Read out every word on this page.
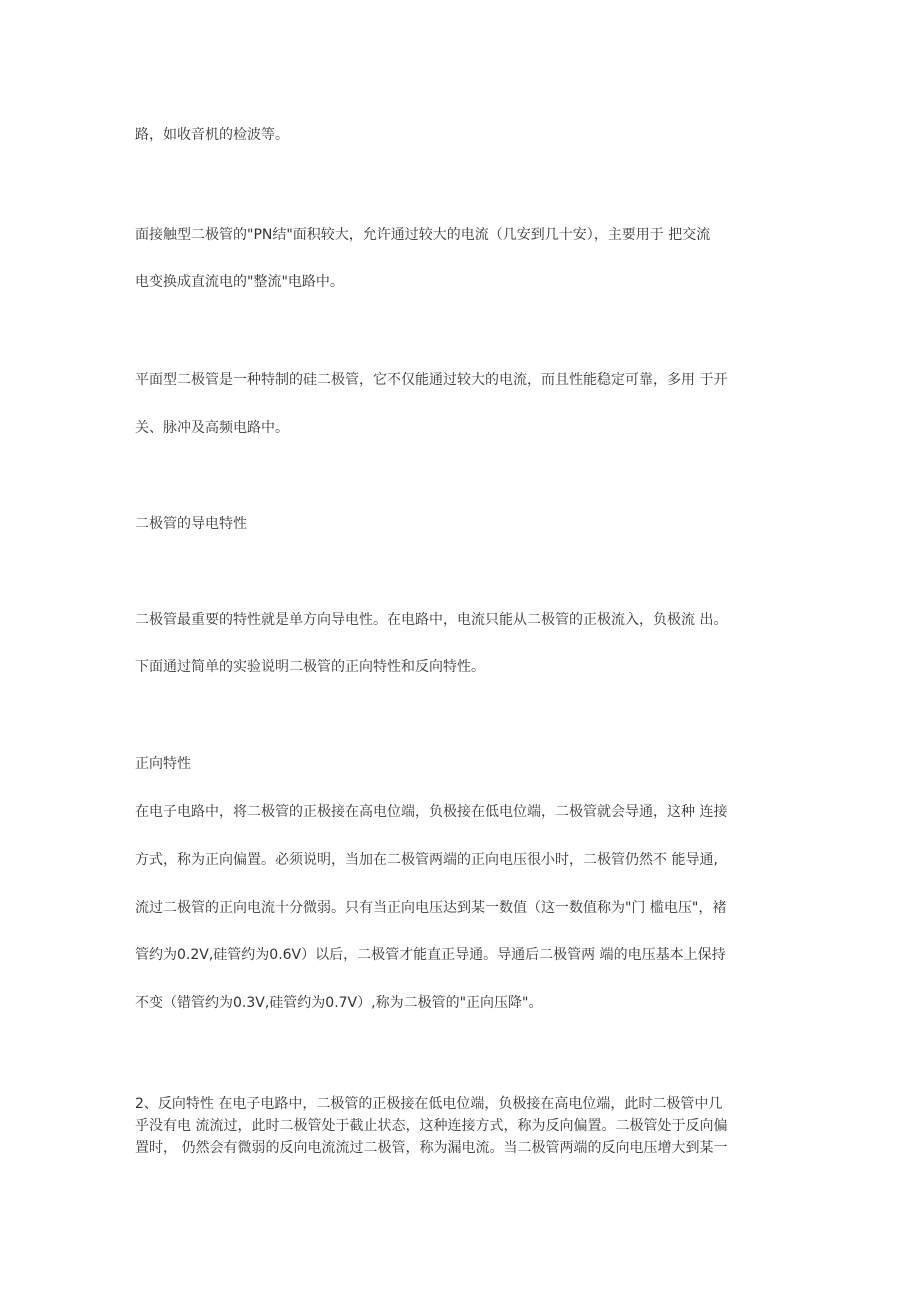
路，如收音机的检波等。
面接触型二极管的"PN结"面积较大，允许通过较大的电流（几安到几十安），主要用于 把交流
电变换成直流电的"整流"电路中。
平面型二极管是一种特制的硅二极管，它不仅能通过较大的电流，而且性能稳定可靠，多用 于开
关、脉冲及高频电路中。
二极管的导电特性
二极管最重要的特性就是单方向导电性。在电路中，电流只能从二极管的正极流入，负极流 出。
下面通过简单的实验说明二极管的正向特性和反向特性。
正向特性
在电子电路中，将二极管的正极接在高电位端，负极接在低电位端，二极管就会导通，这种 连接
方式，称为正向偏置。必须说明，当加在二极管两端的正向电压很小时，二极管仍然不 能导通,
流过二极管的正向电流十分微弱。只有当正向电压达到某一数值（这一数值称为"门 槛电压"，褚
管约为0.2V,硅管约为0.6V）以后，二极管才能直正导通。导通后二极管两 端的电压基本上保持
不变（错管约为0.3V,硅管约为0.7V）,称为二极管的"正向压降"。
2、反向特性 在电子电路中，二极管的正极接在低电位端，负极接在高电位端，此时二极管中几
乎没有电 流流过，此时二极管处于截止状态，这种连接方式，称为反向偏置。二极管处于反向偏
置时， 仍然会有微弱的反向电流流过二极管，称为漏电流。当二极管两端的反向电压增大到某一
